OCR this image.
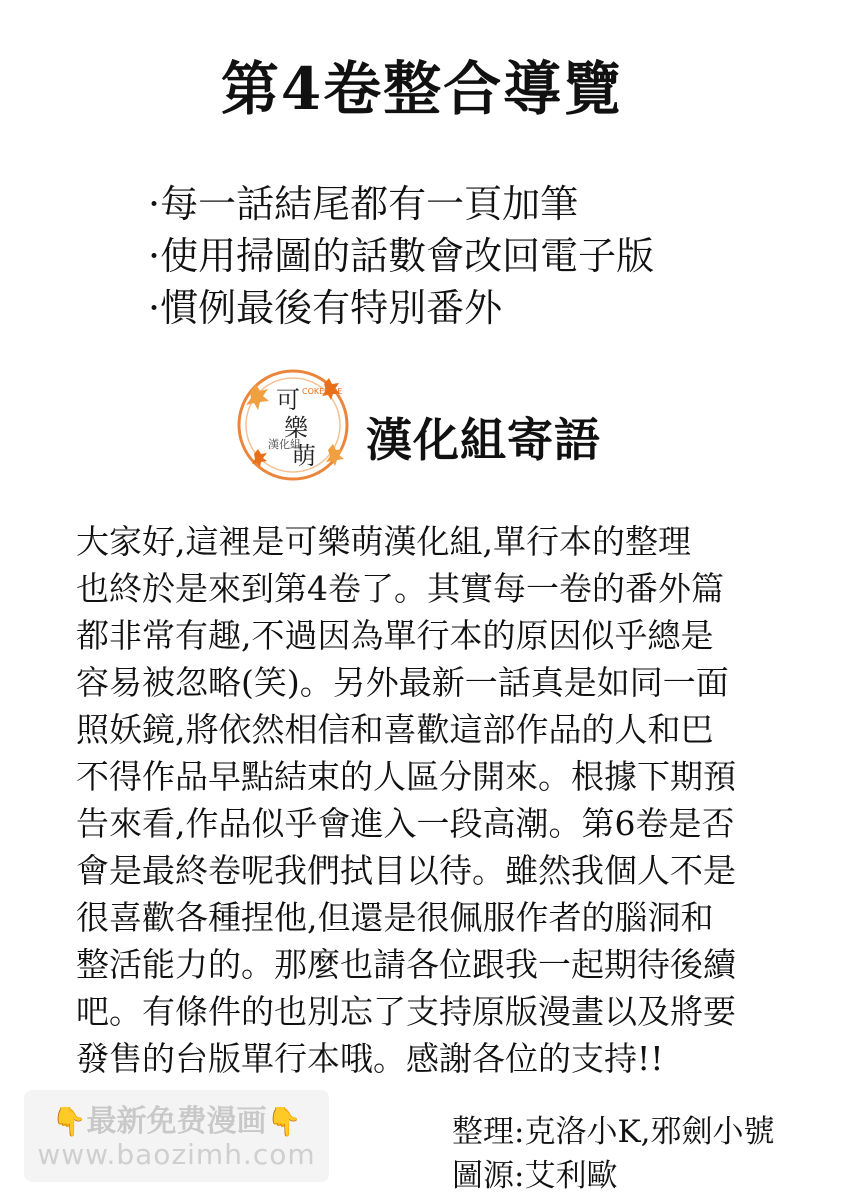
第4卷整合導覽
·每一話結尾都有一頁加筆
·使用掃圖的話數會改回電子版
·慣例最後有特別番外
可
樂
萌
漢化組
COKEMOE
漢化組寄語

大家好,這裡是可樂萌漢化組,單行本的整理
也終於是來到第4卷了。其實每一卷的番外篇
都非常有趣,不過因為單行本的原因似乎總是
容易被忽略(笑)。另外最新一話真是如同一面
照妖鏡,將依然相信和喜歡這部作品的人和巴
不得作品早點結束的人區分開來。根據下期預
告來看,作品似乎會進入一段高潮。第6卷是否
會是最終卷呢我們拭目以待。雖然我個人不是
很喜歡各種捏他,但還是很佩服作者的腦洞和
整活能力的。那麼也請各位跟我一起期待後續
吧。有條件的也別忘了支持原版漫畫以及將要
發售的台版單行本哦。感謝各位的支持!!

👇最新免费漫画👇
www.baozimh.com
整理:克洛小K,邪劍小號
圖源:艾利歐
